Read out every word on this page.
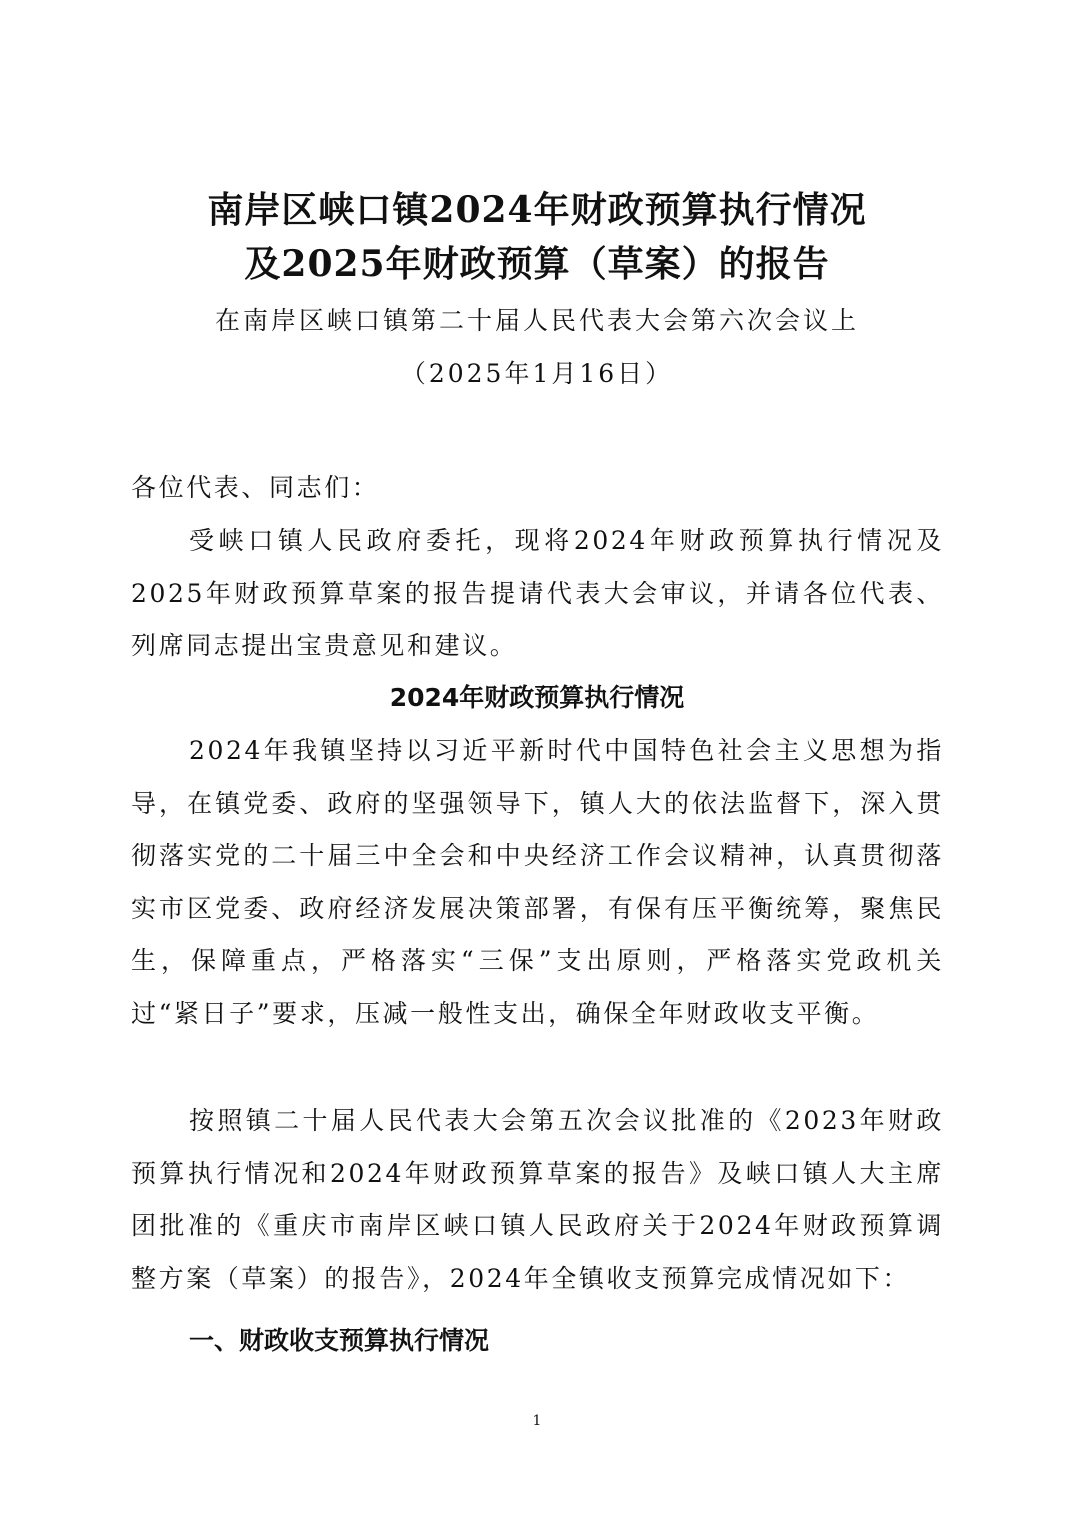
南岸区峡口镇2024年财政预算执行情况
及2025年财政预算（草案）的报告

在南岸区峡口镇第二十届人民代表大会第六次会议上

（2025年1月16日）

各位代表、同志们：

受峡口镇人民政府委托，现将2024年财政预算执行情况及2025年财政预算草案的报告提请代表大会审议，并请各位代表、列席同志提出宝贵意见和建议。

2024年财政预算执行情况

2024年我镇坚持以习近平新时代中国特色社会主义思想为指导，在镇党委、政府的坚强领导下，镇人大的依法监督下，深入贯彻落实党的二十届三中全会和中央经济工作会议精神，认真贯彻落实市区党委、政府经济发展决策部署，有保有压平衡统筹，聚焦民生，保障重点，严格落实“三保”支出原则，严格落实党政机关过“紧日子”要求，压减一般性支出，确保全年财政收支平衡。

按照镇二十届人民代表大会第五次会议批准的《2023年财政预算执行情况和2024年财政预算草案的报告》及峡口镇人大主席团批准的《重庆市南岸区峡口镇人民政府关于2024年财政预算调整方案（草案）的报告》，2024年全镇收支预算完成情况如下：

一、财政收支预算执行情况
1
